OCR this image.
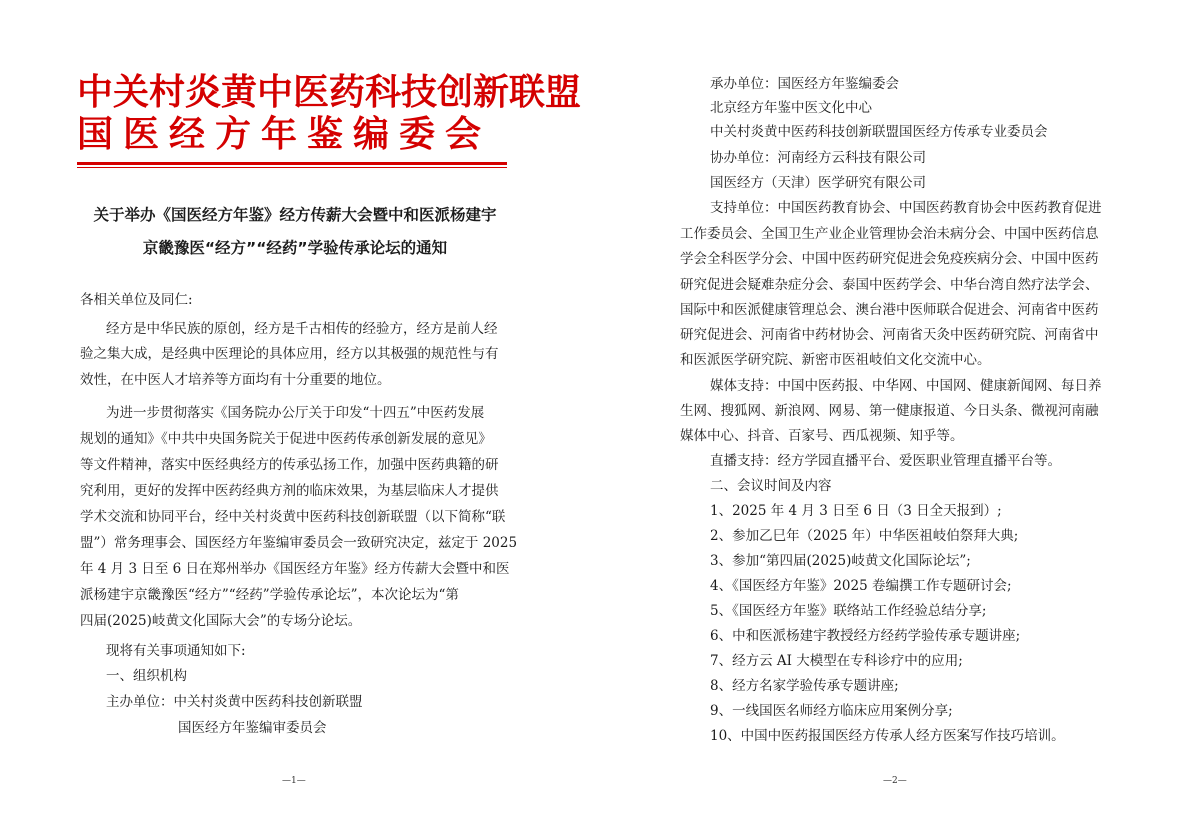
中关村炎黄中医药科技创新联盟
国医经方年鉴编委会
关于举办《国医经方年鉴》经方传薪大会暨中和医派杨建宇
京畿豫医“经方”“经药”学验传承论坛的通知
各相关单位及同仁:
经方是中华民族的原创，经方是千古相传的经验方，经方是前人经
验之集大成，是经典中医理论的具体应用，经方以其极强的规范性与有
效性，在中医人才培养等方面均有十分重要的地位。
为进一步贯彻落实《国务院办公厅关于印发“十四五”中医药发展
规划的通知》《中共中央国务院关于促进中医药传承创新发展的意见》
等文件精神，落实中医经典经方的传承弘扬工作，加强中医药典籍的研
究利用，更好的发挥中医药经典方剂的临床效果，为基层临床人才提供
学术交流和协同平台，经中关村炎黄中医药科技创新联盟（以下简称“联
盟”）常务理事会、国医经方年鉴编审委员会一致研究决定，兹定于 2025
年 4 月 3 日至 6 日在郑州举办《国医经方年鉴》经方传薪大会暨中和医
派杨建宇京畿豫医“经方”“经药”学验传承论坛”，本次论坛为“第
四届(2025)岐黄文化国际大会”的专场分论坛。
现将有关事项通知如下:
一、组织机构
主办单位：中关村炎黄中医药科技创新联盟
国医经方年鉴编审委员会
—1—
承办单位：国医经方年鉴编委会
北京经方年鉴中医文化中心
中关村炎黄中医药科技创新联盟国医经方传承专业委员会
协办单位：河南经方云科技有限公司
国医经方（天津）医学研究有限公司
支持单位：中国医药教育协会、中国医药教育协会中医药教育促进
工作委员会、全国卫生产业企业管理协会治未病分会、中国中医药信息
学会全科医学分会、中国中医药研究促进会免疫疾病分会、中国中医药
研究促进会疑难杂症分会、泰国中医药学会、中华台湾自然疗法学会、
国际中和医派健康管理总会、澳台港中医师联合促进会、河南省中医药
研究促进会、河南省中药材协会、河南省天灸中医药研究院、河南省中
和医派医学研究院、新密市医祖岐伯文化交流中心。
媒体支持：中国中医药报、中华网、中国网、健康新闻网、每日养
生网、搜狐网、新浪网、网易、第一健康报道、今日头条、微视河南融
媒体中心、抖音、百家号、西瓜视频、知乎等。
直播支持：经方学园直播平台、爱医职业管理直播平台等。
二、会议时间及内容
1、2025 年 4 月 3 日至 6 日（3 日全天报到）;
2、参加乙巳年（2025 年）中华医祖岐伯祭拜大典;
3、参加“第四届(2025)岐黄文化国际论坛”;
4、《国医经方年鉴》2025 卷编撰工作专题研讨会;
5、《国医经方年鉴》联络站工作经验总结分享;
6、中和医派杨建宇教授经方经药学验传承专题讲座;
7、经方云 AI 大模型在专科诊疗中的应用;
8、经方名家学验传承专题讲座;
9、一线国医名师经方临床应用案例分享;
10、中国中医药报国医经方传承人经方医案写作技巧培训。
—2—
